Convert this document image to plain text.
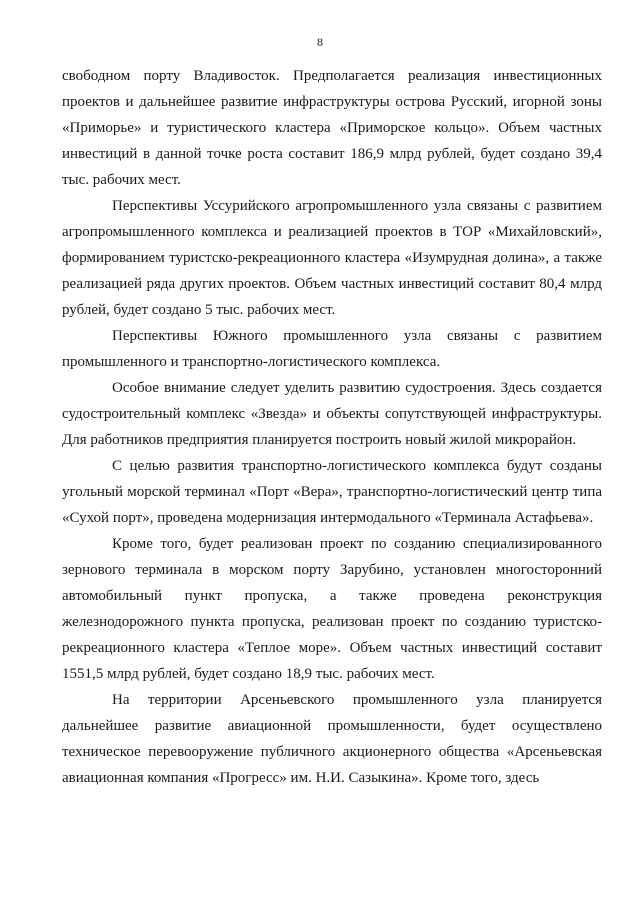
8

свободном порту Владивосток. Предполагается реализация инвестиционных проектов и дальнейшее развитие инфраструктуры острова Русский, игорной зоны «Приморье» и туристического кластера «Приморское кольцо». Объем частных инвестиций в данной точке роста составит 186,9 млрд рублей, будет создано 39,4 тыс. рабочих мест.

Перспективы Уссурийского агропромышленного узла связаны с развитием агропромышленного комплекса и реализацией проектов в ТОР «Михайловский», формированием туристско-рекреационного кластера «Изумрудная долина», а также реализацией ряда других проектов. Объем частных инвестиций составит 80,4 млрд рублей, будет создано 5 тыс. рабочих мест.

Перспективы Южного промышленного узла связаны с развитием промышленного и транспортно-логистического комплекса.

Особое внимание следует уделить развитию судостроения. Здесь создается судостроительный комплекс «Звезда» и объекты сопутствующей инфраструктуры. Для работников предприятия планируется построить новый жилой микрорайон.

С целью развития транспортно-логистического комплекса будут созданы угольный морской терминал «Порт «Вера», транспортно-логистический центр типа «Сухой порт», проведена модернизация интермодального «Терминала Астафьева».

Кроме того, будет реализован проект по созданию специализированного зернового терминала в морском порту Зарубино, установлен многосторонний автомобильный пункт пропуска, а также проведена реконструкция железнодорожного пункта пропуска, реализован проект по созданию туристско-рекреационного кластера «Теплое море». Объем частных инвестиций составит 1551,5 млрд рублей, будет создано 18,9 тыс. рабочих мест.

На территории Арсеньевского промышленного узла планируется дальнейшее развитие авиационной промышленности, будет осуществлено техническое перевооружение публичного акционерного общества «Арсеньевская авиационная компания «Прогресс» им. Н.И. Сазыкина». Кроме того, здесь
